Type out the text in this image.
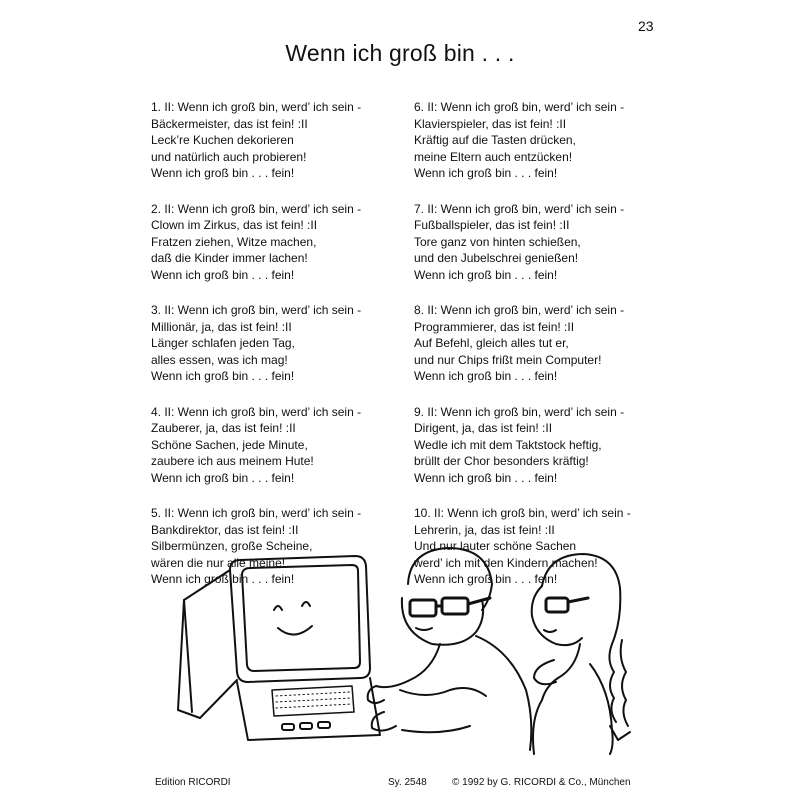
23
Wenn ich groß bin . . .
1. II: Wenn ich groß bin, werd’ ich sein -
Bäckermeister, das ist fein! :II
Leck’re Kuchen dekorieren
und natürlich auch probieren!
Wenn ich groß bin . . . fein!
2. II: Wenn ich groß bin, werd’ ich sein -
Clown im Zirkus, das ist fein! :II
Fratzen ziehen, Witze machen,
daß die Kinder immer lachen!
Wenn ich groß bin . . . fein!
3. II: Wenn ich groß bin, werd’ ich sein -
Millionär, ja, das ist fein! :II
Länger schlafen jeden Tag,
alles essen, was ich mag!
Wenn ich groß bin . . . fein!
4. II: Wenn ich groß bin, werd’ ich sein -
Zauberer, ja, das ist fein! :II
Schöne Sachen, jede Minute,
zaubere ich aus meinem Hute!
Wenn ich groß bin . . . fein!
5. II: Wenn ich groß bin, werd’ ich sein -
Bankdirektor, das ist fein! :II
Silbermünzen, große Scheine,
wären die nur alle meine!
Wenn ich groß bin . . . fein!
6. II: Wenn ich groß bin, werd’ ich sein -
Klavierspieler, das ist fein! :II
Kräftig auf die Tasten drücken,
meine Eltern auch entzücken!
Wenn ich groß bin . . . fein!
7. II: Wenn ich groß bin, werd’ ich sein -
Fußballspieler, das ist fein! :II
Tore ganz von hinten schießen,
und den Jubelschrei genießen!
Wenn ich groß bin . . . fein!
8. II: Wenn ich groß bin, werd’ ich sein -
Programmierer, das ist fein! :II
Auf Befehl, gleich alles tut er,
und nur Chips frißt mein Computer!
Wenn ich groß bin . . . fein!
9. II: Wenn ich groß bin, werd’ ich sein -
Dirigent, ja, das ist fein! :II
Wedle ich mit dem Taktstock heftig,
brüllt der Chor besonders kräftig!
Wenn ich groß bin . . . fein!
10. II: Wenn ich groß bin, werd’ ich sein -
Lehrerin, ja, das ist fein! :II
Und nur lauter schöne Sachen
werd’ ich mit den Kindern machen!
Wenn ich groß bin . . . fein!
Edition RICORDI	Sy. 2548	© 1992 by G. RICORDI & Co., München
